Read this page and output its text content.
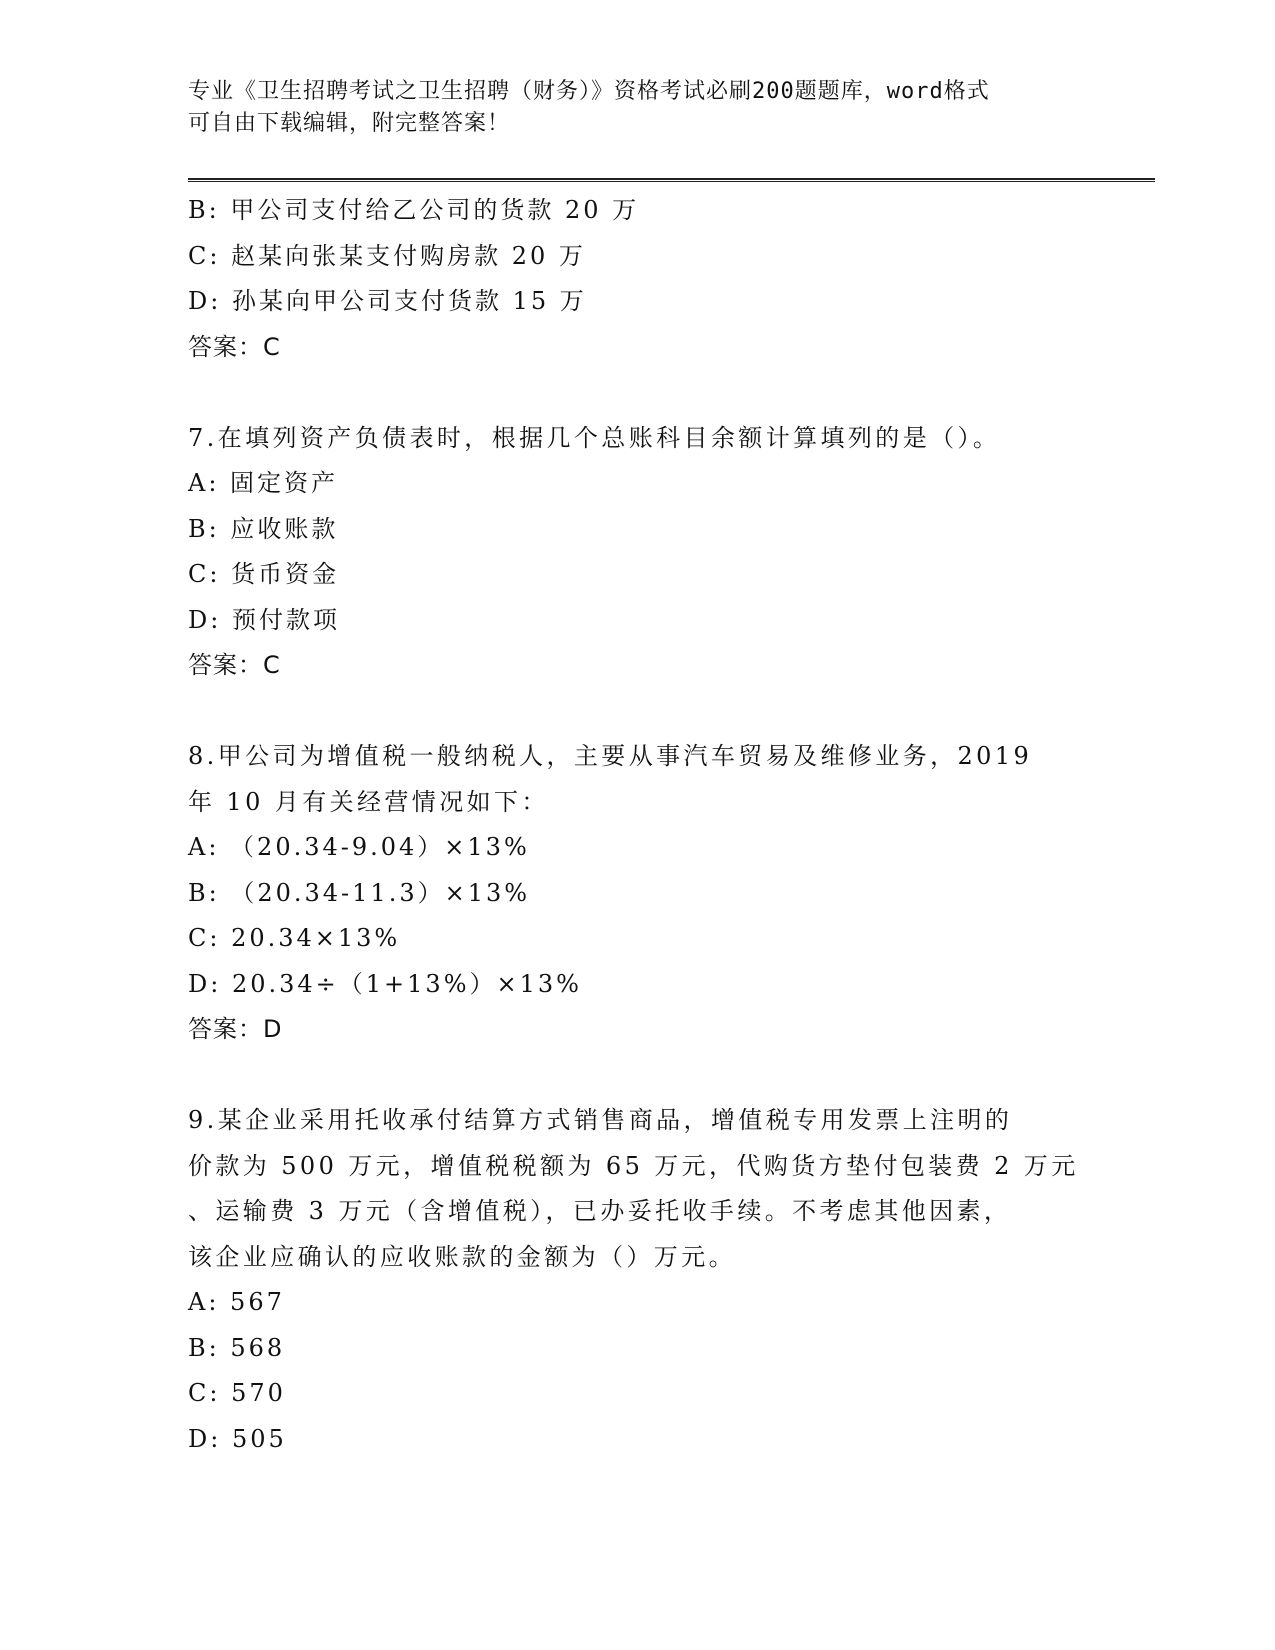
专业《卫生招聘考试之卫生招聘（财务）》资格考试必刷200题题库，word格式
可自由下载编辑，附完整答案！
B: 甲公司支付给乙公司的货款 20 万
C: 赵某向张某支付购房款 20 万
D: 孙某向甲公司支付货款 15 万
答案：C
7.在填列资产负债表时，根据几个总账科目余额计算填列的是（）。
A: 固定资产
B: 应收账款
C: 货币资金
D: 预付款项
答案：C
8.甲公司为增值税一般纳税人，主要从事汽车贸易及维修业务，2019
年 10 月有关经营情况如下：
A: （20.34-9.04）×13%
B: （20.34-11.3）×13%
C: 20.34×13%
D: 20.34÷（1+13%）×13%
答案：D
9.某企业采用托收承付结算方式销售商品，增值税专用发票上注明的
价款为 500 万元，增值税税额为 65 万元，代购货方垫付包装费 2 万元
、运输费 3 万元（含增值税），已办妥托收手续。不考虑其他因素，
该企业应确认的应收账款的金额为（）万元。
A: 567
B: 568
C: 570
D: 505
